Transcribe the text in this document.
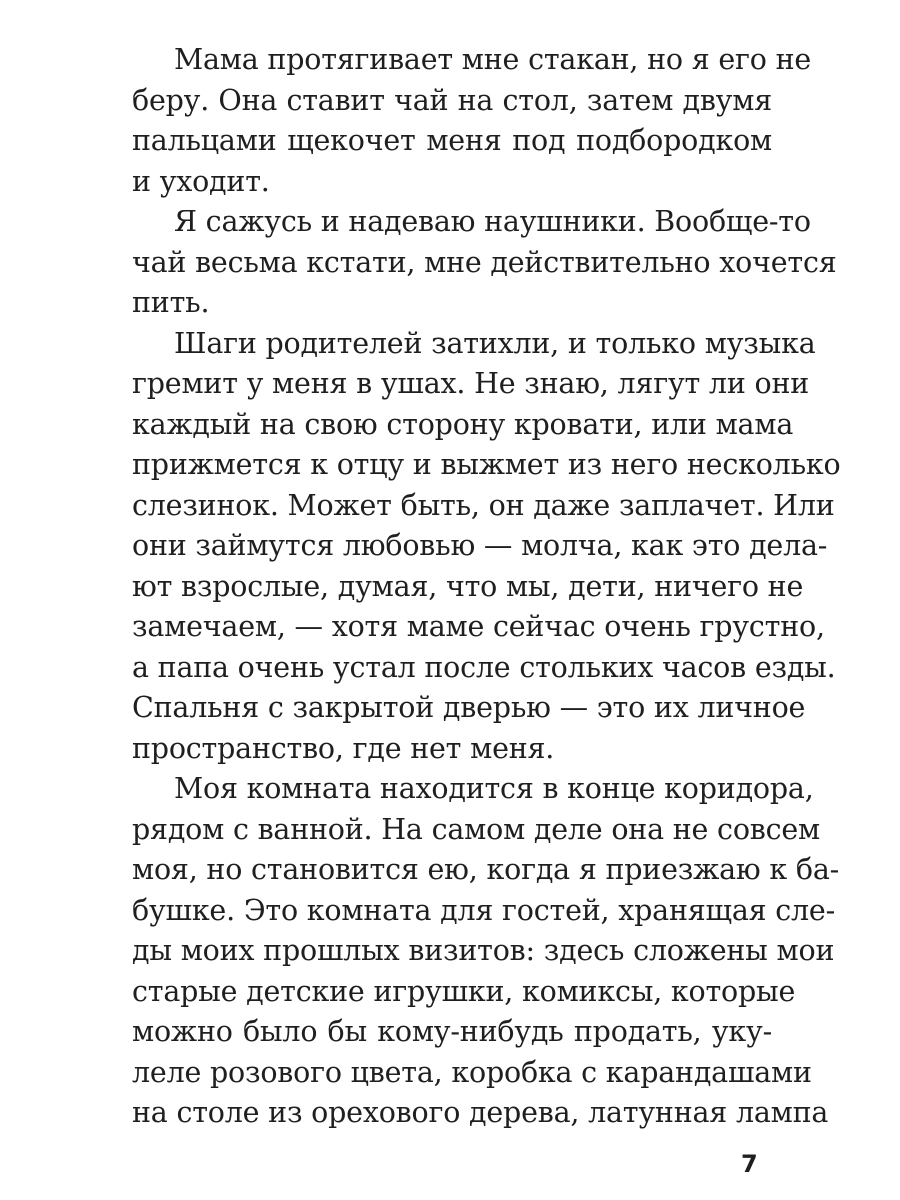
Мама протягивает мне стакан, но я его не
беру. Она ставит чай на стол, затем двумя
пальцами щекочет меня под подбородком
и уходит.
Я сажусь и надеваю наушники. Вообще-то
чай весьма кстати, мне действительно хочется
пить.
Шаги родителей затихли, и только музыка
гремит у меня в ушах. Не знаю, лягут ли они
каждый на свою сторону кровати, или мама
прижмется к отцу и выжмет из него несколько
слезинок. Может быть, он даже заплачет. Или
они займутся любовью — молча, как это дела-
ют взрослые, думая, что мы, дети, ничего не
замечаем, — хотя маме сейчас очень грустно,
а папа очень устал после стольких часов езды.
Спальня с закрытой дверью — это их личное
пространство, где нет меня.
Моя комната находится в конце коридора,
рядом с ванной. На самом деле она не совсем
моя, но становится ею, когда я приезжаю к ба-
бушке. Это комната для гостей, хранящая сле-
ды моих прошлых визитов: здесь сложены мои
старые детские игрушки, комиксы, которые
можно было бы кому-нибудь продать, уку-
леле розового цвета, коробка с карандашами
на столе из орехового дерева, латунная лампа
7
